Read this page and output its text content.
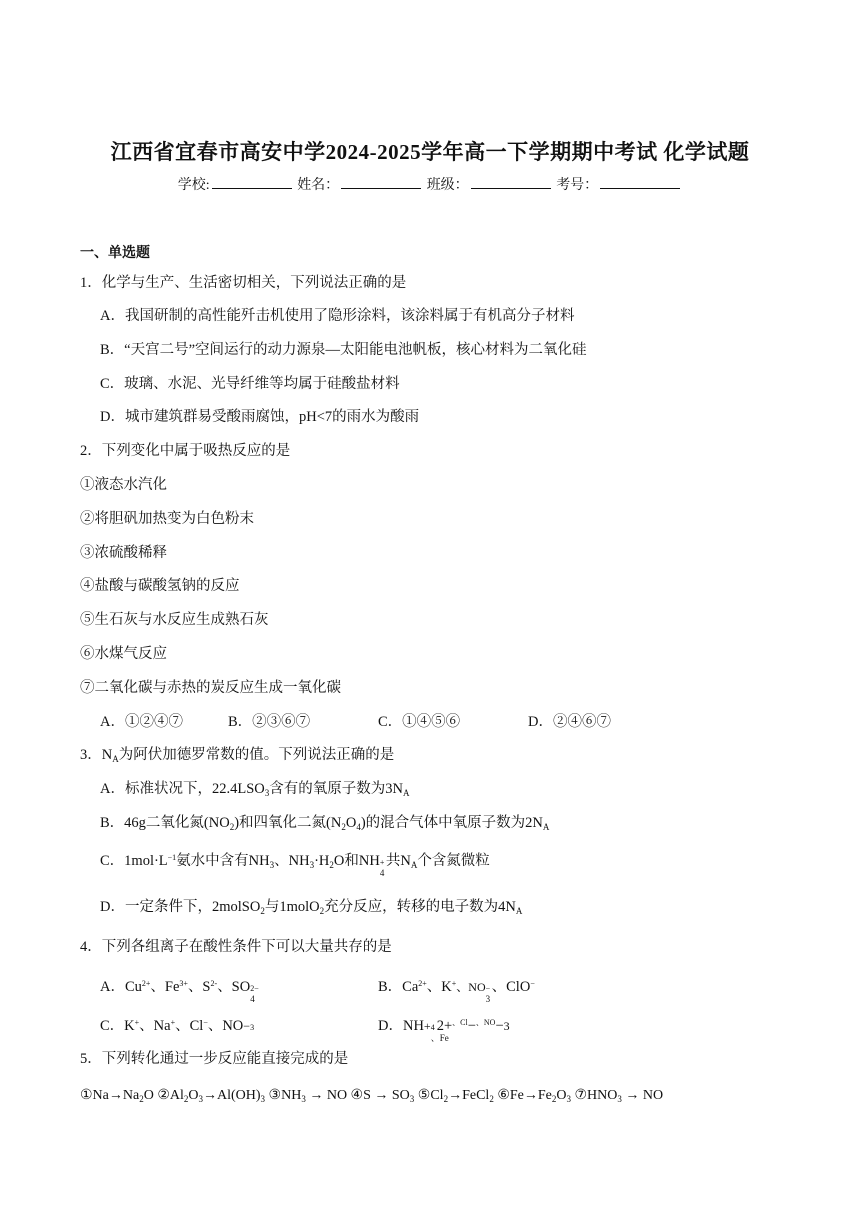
江西省宜春市高安中学2024-2025学年高一下学期期中考试 化学试题
学校:	姓名：	班级：	考号：
一、单选题
1．化学与生产、生活密切相关，下列说法正确的是
A．我国研制的高性能歼击机使用了隐形涂料，该涂料属于有机高分子材料
B．“天宫二号”空间运行的动力源泉—太阳能电池帆板，核心材料为二氧化硅
C．玻璃、水泥、光导纤维等均属于硅酸盐材料
D．城市建筑群易受酸雨腐蚀，pH<7的雨水为酸雨
2．下列变化中属于吸热反应的是
①液态水汽化
②将胆矾加热变为白色粉末
③浓硫酸稀释
④盐酸与碳酸氢钠的反应
⑤生石灰与水反应生成熟石灰
⑥水煤气反应
⑦二氧化碳与赤热的炭反应生成一氧化碳
A．①②④⑦	B．②③⑥⑦	C．①④⑤⑥	D．②④⑥⑦
3．$N_A$为阿伏加德罗常数的值。下列说法正确的是
A．标准状况下，$22.4LSO_3$含有的氧原子数为$3N_A$
B．46g二氧化氮$(NO_2)$和四氧化二氮$(N_2O_4)$的混合气体中氧原子数为$2N_A$
C．$1mol\cdot L^{-1}$氨水中含有$NH_3$、$NH_3\cdot H_2O$和NH +
4
共$N_A$个含氮微粒
D．一定条件下，2molSO$_2$与1molO$_2$充分反应，转移的电子数为$4N_A$
4．下列各组离子在酸性条件下可以大量共存的是
A．$Cu^{2+}$、$Fe^{3+}$、$S^{2-}$、SO 2−
4
B．$Ca^{2+}$、K+、NO −
3
、ClO−
C．K+、Na+、Cl−、NO− 3	D．NH+ 4
、Fe
2+$^{、Cl}$−$^{、NO}$−3
5．下列转化通过一步反应能直接完成的是
$①Na\to Na_2O$ $②Al_2O_3\to Al(OH)_3$ $③NH_3$ → NO ④S → $SO_3$ $⑤Cl_2\to FeCl_2$ $⑥Fe\to Fe_2O_3$ $⑦HNO_3$ → NO
